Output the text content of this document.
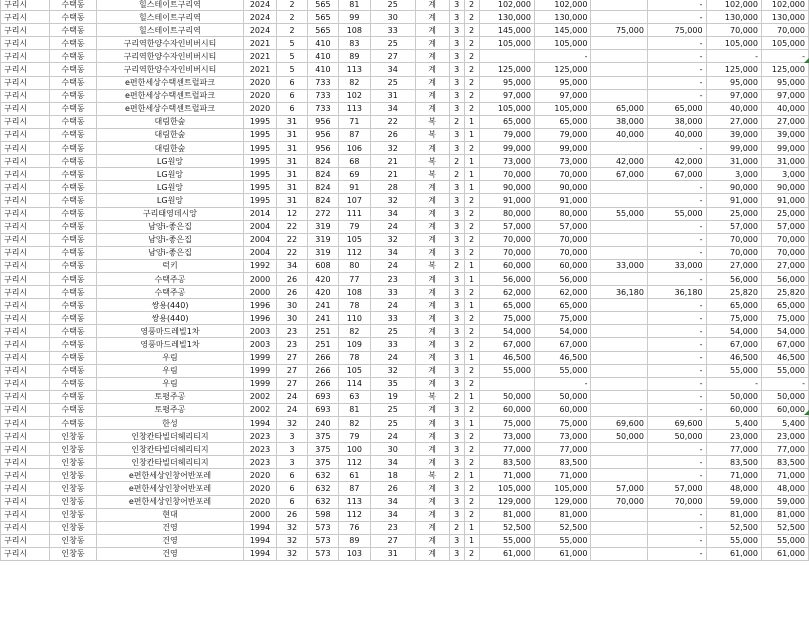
구리시	수택동	힐스테이트구리역	2024	2	565	81	25	계	3	2	102,000	102,000		-	102,000	102,000
구리시	수택동	힐스테이트구리역	2024	2	565	99	30	계	3	2	130,000	130,000		-	130,000	130,000
구리시	수택동	힐스테이트구리역	2024	2	565	108	33	계	3	2	145,000	145,000	75,000	75,000	70,000	70,000
구리시	수택동	구리역한양수자인비버시티	2021	5	410	83	25	계	3	2	105,000	105,000		-	105,000	105,000
구리시	수택동	구리역한양수자인비버시티	2021	5	410	89	27	계	3	2		-		-	-	-
구리시	수택동	구리역한양수자인비버시티	2021	5	410	113	34	계	3	2	125,000	125,000		-	125,000	125,000
구리시	수택동	e편한세상수택센트럴파크	2020	6	733	82	25	계	3	2	95,000	95,000		-	95,000	95,000
구리시	수택동	e편한세상수택센트럴파크	2020	6	733	102	31	계	3	2	97,000	97,000		-	97,000	97,000
구리시	수택동	e편한세상수택센트럴파크	2020	6	733	113	34	계	3	2	105,000	105,000	65,000	65,000	40,000	40,000
구리시	수택동	대림한숲	1995	31	956	71	22	복	2	1	65,000	65,000	38,000	38,000	27,000	27,000
구리시	수택동	대림한숲	1995	31	956	87	26	복	3	1	79,000	79,000	40,000	40,000	39,000	39,000
구리시	수택동	대림한숲	1995	31	956	106	32	계	3	2	99,000	99,000		-	99,000	99,000
구리시	수택동	LG원앙	1995	31	824	68	21	복	2	1	73,000	73,000	42,000	42,000	31,000	31,000
구리시	수택동	LG원앙	1995	31	824	69	21	복	2	1	70,000	70,000	67,000	67,000	3,000	3,000
구리시	수택동	LG원앙	1995	31	824	91	28	계	3	1	90,000	90,000		-	90,000	90,000
구리시	수택동	LG원앙	1995	31	824	107	32	계	3	2	91,000	91,000		-	91,000	91,000
구리시	수택동	구리태영데시앙	2014	12	272	111	34	계	3	2	80,000	80,000	55,000	55,000	25,000	25,000
구리시	수택동	남양i-좋은집	2004	22	319	79	24	계	3	2	57,000	57,000		-	57,000	57,000
구리시	수택동	남양i-좋은집	2004	22	319	105	32	계	3	2	70,000	70,000		-	70,000	70,000
구리시	수택동	남양i-좋은집	2004	22	319	112	34	계	3	2	70,000	70,000		-	70,000	70,000
구리시	수택동	럭키	1992	34	608	80	24	복	2	1	60,000	60,000	33,000	33,000	27,000	27,000
구리시	수택동	수택주공	2000	26	420	77	23	계	3	1	56,000	56,000		-	56,000	56,000
구리시	수택동	수택주공	2000	26	420	108	33	계	3	2	62,000	62,000	36,180	36,180	25,820	25,820
구리시	수택동	쌍용(440)	1996	30	241	78	24	계	3	1	65,000	65,000		-	65,000	65,000
구리시	수택동	쌍용(440)	1996	30	241	110	33	계	3	2	75,000	75,000		-	75,000	75,000
구리시	수택동	영풍마드레빌1차	2003	23	251	82	25	계	3	2	54,000	54,000		-	54,000	54,000
구리시	수택동	영풍마드레빌1차	2003	23	251	109	33	계	3	2	67,000	67,000		-	67,000	67,000
구리시	수택동	우림	1999	27	266	78	24	계	3	1	46,500	46,500		-	46,500	46,500
구리시	수택동	우림	1999	27	266	105	32	계	3	2	55,000	55,000		-	55,000	55,000
구리시	수택동	우림	1999	27	266	114	35	계	3	2		-		-	-	-
구리시	수택동	토평주공	2002	24	693	63	19	복	2	1	50,000	50,000		-	50,000	50,000
구리시	수택동	토평주공	2002	24	693	81	25	계	3	2	60,000	60,000		-	60,000	60,000
구리시	수택동	한성	1994	32	240	82	25	계	3	1	75,000	75,000	69,600	69,600	5,400	5,400
구리시	인창동	인창칸타빌더헤리티지	2023	3	375	79	24	계	3	2	73,000	73,000	50,000	50,000	23,000	23,000
구리시	인창동	인창칸타빌더헤리티지	2023	3	375	100	30	계	3	2	77,000	77,000		-	77,000	77,000
구리시	인창동	인창칸타빌더헤리티지	2023	3	375	112	34	계	3	2	83,500	83,500		-	83,500	83,500
구리시	인창동	e편한세상인창어반포레	2020	6	632	61	18	복	2	1	71,000	71,000		-	71,000	71,000
구리시	인창동	e편한세상인창어반포레	2020	6	632	87	26	계	3	2	105,000	105,000	57,000	57,000	48,000	48,000
구리시	인창동	e편한세상인창어반포레	2020	6	632	113	34	계	3	2	129,000	129,000	70,000	70,000	59,000	59,000
구리시	인창동	현대	2000	26	598	112	34	계	3	2	81,000	81,000		-	81,000	81,000
구리시	인창동	건영	1994	32	573	76	23	계	2	1	52,500	52,500		-	52,500	52,500
구리시	인창동	건영	1994	32	573	89	27	계	3	1	55,000	55,000		-	55,000	55,000
구리시	인창동	건영	1994	32	573	103	31	계	3	2	61,000	61,000		-	61,000	61,000
